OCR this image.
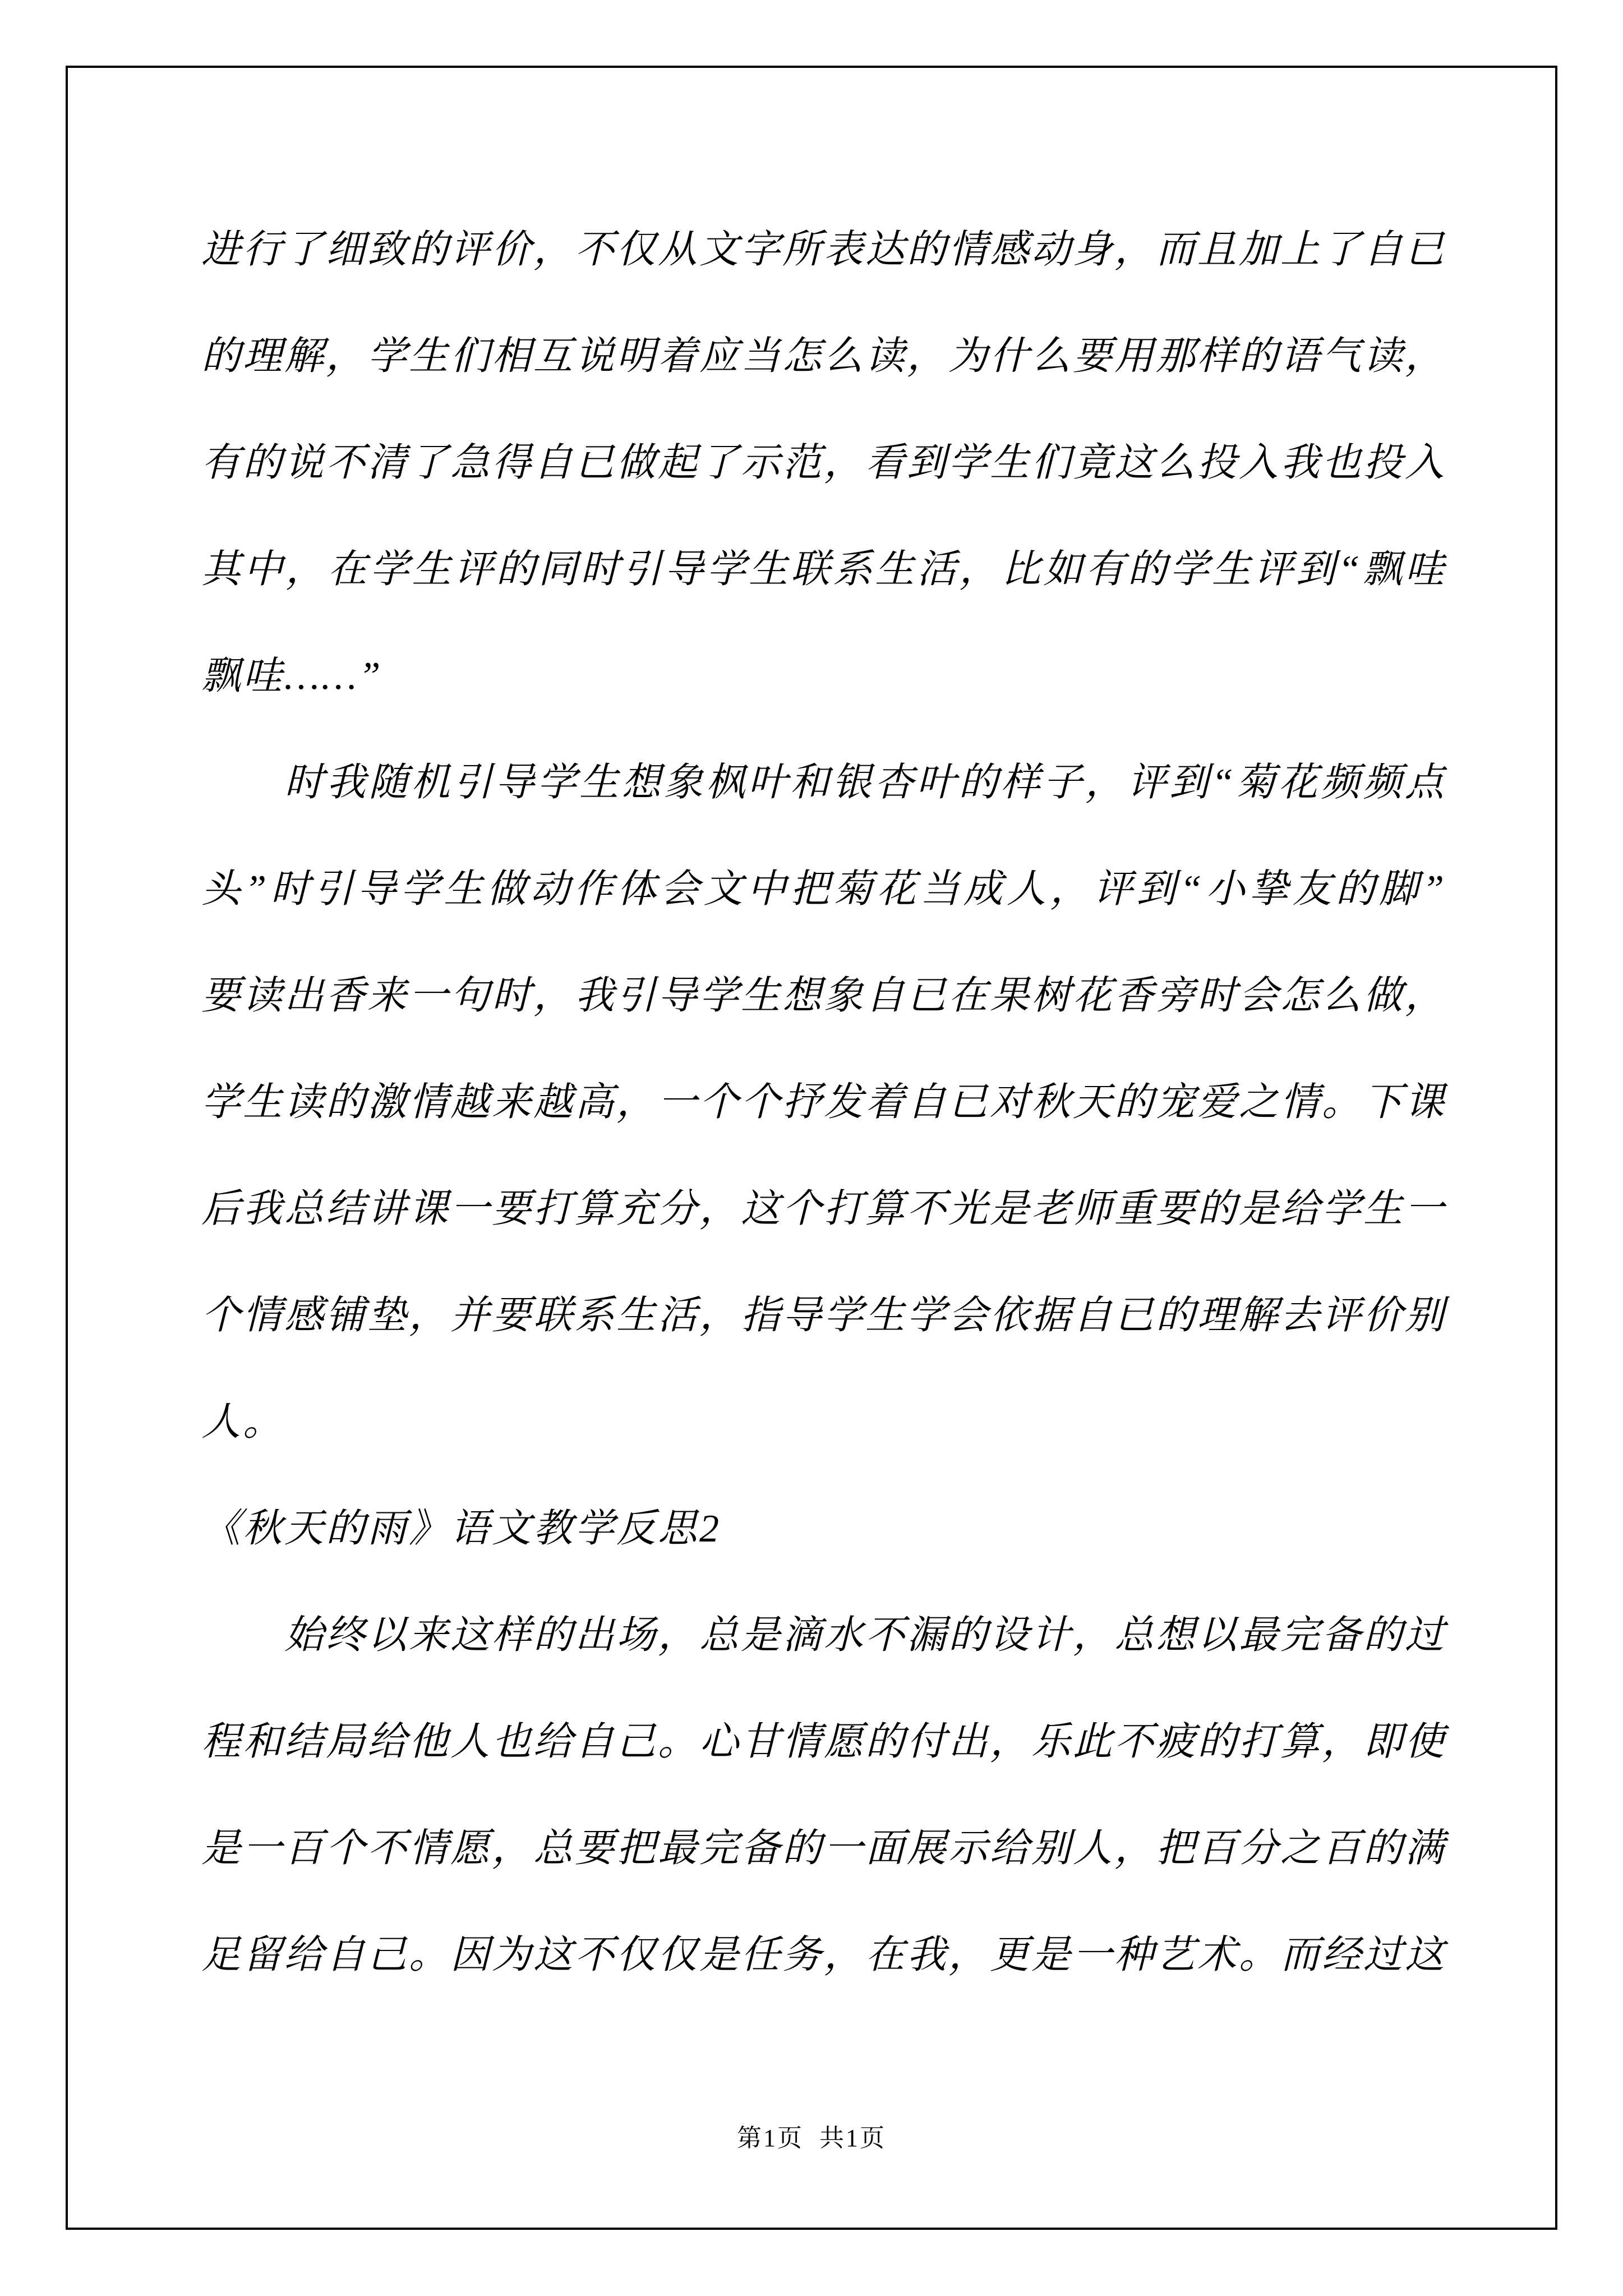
进行了细致的评价，不仅从文字所表达的情感动身，而且加上了自已
的理解，学生们相互说明着应当怎么读，为什么要用那样的语气读，
有的说不清了急得自已做起了示范，看到学生们竟这么投入我也投入
其中，在学生评的同时引导学生联系生活，比如有的学生评到“飘哇
飘哇……”
时我随机引导学生想象枫叶和银杏叶的样子，评到“菊花频频点
头”时引导学生做动作体会文中把菊花当成人，评到“小挚友的脚”
要读出香来一句时，我引导学生想象自已在果树花香旁时会怎么做，
学生读的激情越来越高，一个个抒发着自已对秋天的宠爱之情。下课
后我总结讲课一要打算充分，这个打算不光是老师重要的是给学生一
个情感铺垫，并要联系生活，指导学生学会依据自已的理解去评价别
人。
《秋天的雨》语文教学反思2
始终以来这样的出场，总是滴水不漏的设计，总想以最完备的过
程和结局给他人也给自己。心甘情愿的付出，乐此不疲的打算，即使
是一百个不情愿，总要把最完备的一面展示给别人，把百分之百的满
足留给自己。因为这不仅仅是任务，在我，更是一种艺术。而经过这
第1页  共1页
